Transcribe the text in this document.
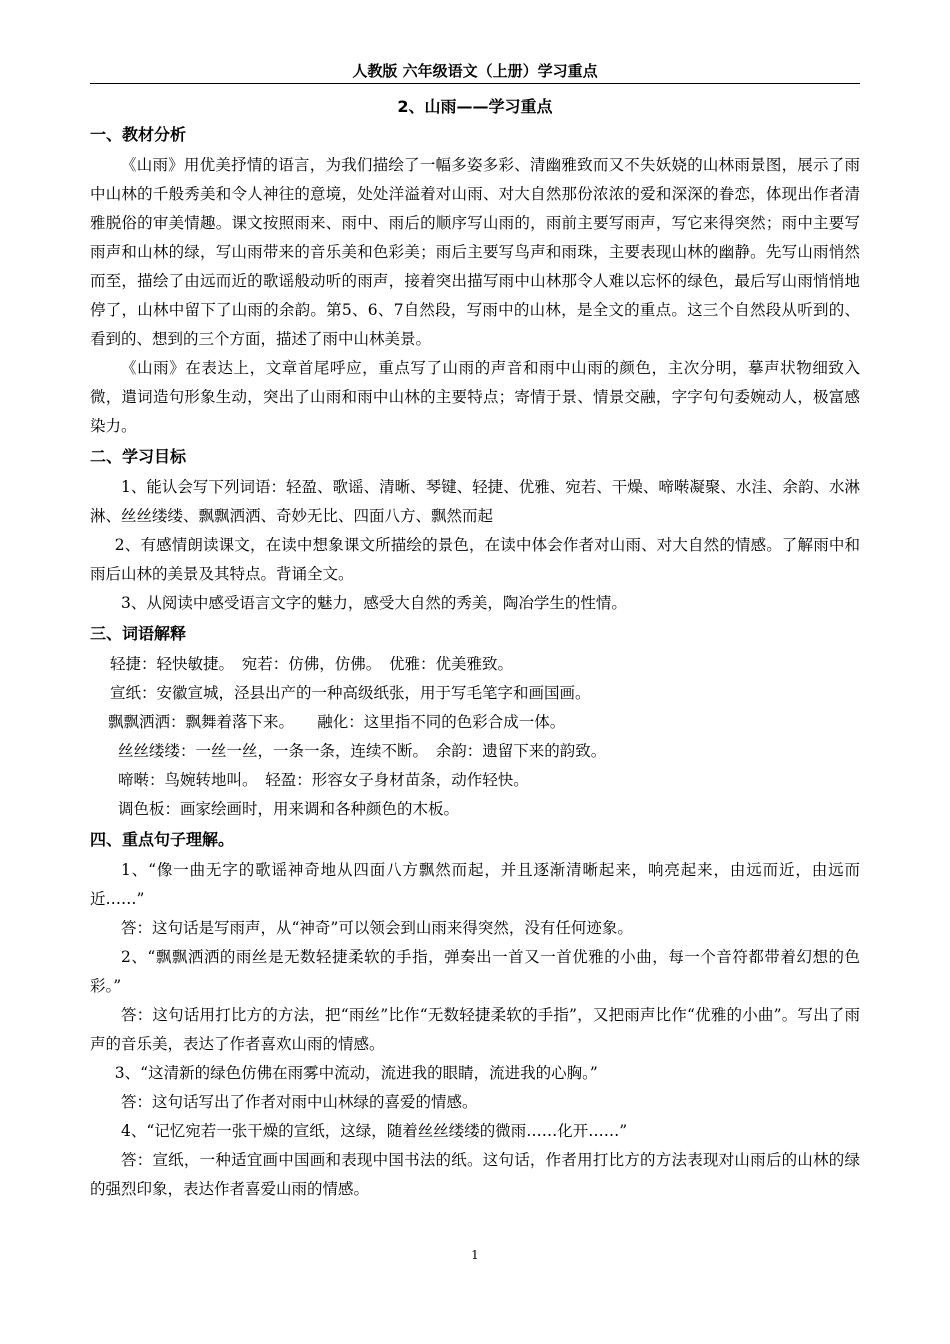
人教版 六年级语文（上册）学习重点
2、山雨——学习重点
一、教材分析

《山雨》用优美抒情的语言，为我们描绘了一幅多姿多彩、清幽雅致而又不失妖娆的山林雨景图，展示了雨中山林的千般秀美和令人神往的意境，处处洋溢着对山雨、对大自然那份浓浓的爱和深深的眷恋，体现出作者清雅脱俗的审美情趣。课文按照雨来、雨中、雨后的顺序写山雨的，雨前主要写雨声，写它来得突然；雨中主要写雨声和山林的绿，写山雨带来的音乐美和色彩美；雨后主要写鸟声和雨珠，主要表现山林的幽静。先写山雨悄然而至，描绘了由远而近的歌谣般动听的雨声，接着突出描写雨中山林那令人难以忘怀的绿色，最后写山雨悄悄地停了，山林中留下了山雨的余韵。第5、6、7自然段，写雨中的山林，是全文的重点。这三个自然段从听到的、看到的、想到的三个方面，描述了雨中山林美景。

《山雨》在表达上，文章首尾呼应，重点写了山雨的声音和雨中山雨的颜色，主次分明，摹声状物细致入微，遣词造句形象生动，突出了山雨和雨中山林的主要特点；寄情于景、情景交融，字字句句委婉动人，极富感染力。

二、学习目标

1、能认会写下列词语：轻盈、歌谣、清晰、琴键、轻捷、优雅、宛若、干燥、啼啭凝聚、水洼、余韵、水淋淋、丝丝缕缕、飘飘洒洒、奇妙无比、四面八方、飘然而起

2、有感情朗读课文，在读中想象课文所描绘的景色，在读中体会作者对山雨、对大自然的情感。了解雨中和雨后山林的美景及其特点。背诵全文。

3、从阅读中感受语言文字的魅力，感受大自然的秀美，陶冶学生的性情。

三、词语解释

轻捷：轻快敏捷。　宛若：仿佛，仿佛。　优雅：优美雅致。

宣纸：安徽宣城，泾县出产的一种高级纸张，用于写毛笔字和画国画。

飘飘洒洒：飘舞着落下来。　　融化：这里指不同的色彩合成一体。

丝丝缕缕：一丝一丝，一条一条，连续不断。　余韵：遗留下来的韵致。

啼啭：鸟婉转地叫。　轻盈：形容女子身材苗条，动作轻快。

调色板：画家绘画时，用来调和各种颜色的木板。

四、重点句子理解。

1、“像一曲无字的歌谣神奇地从四面八方飘然而起，并且逐渐清晰起来，响亮起来，由远而近，由远而近……”

答：这句话是写雨声，从“神奇”可以领会到山雨来得突然，没有任何迹象。

2、“飘飘洒洒的雨丝是无数轻捷柔软的手指，弹奏出一首又一首优雅的小曲，每一个音符都带着幻想的色彩。”

答：这句话用打比方的方法，把“雨丝”比作“无数轻捷柔软的手指”，又把雨声比作“优雅的小曲”。写出了雨声的音乐美，表达了作者喜欢山雨的情感。

3、“这清新的绿色仿佛在雨雾中流动，流进我的眼睛，流进我的心胸。”

答：这句话写出了作者对雨中山林绿的喜爱的情感。

4、“记忆宛若一张干燥的宣纸，这绿，随着丝丝缕缕的微雨……化开……”

答：宣纸，一种适宜画中国画和表现中国书法的纸。这句话，作者用打比方的方法表现对山雨后的山林的绿的强烈印象，表达作者喜爱山雨的情感。

1
